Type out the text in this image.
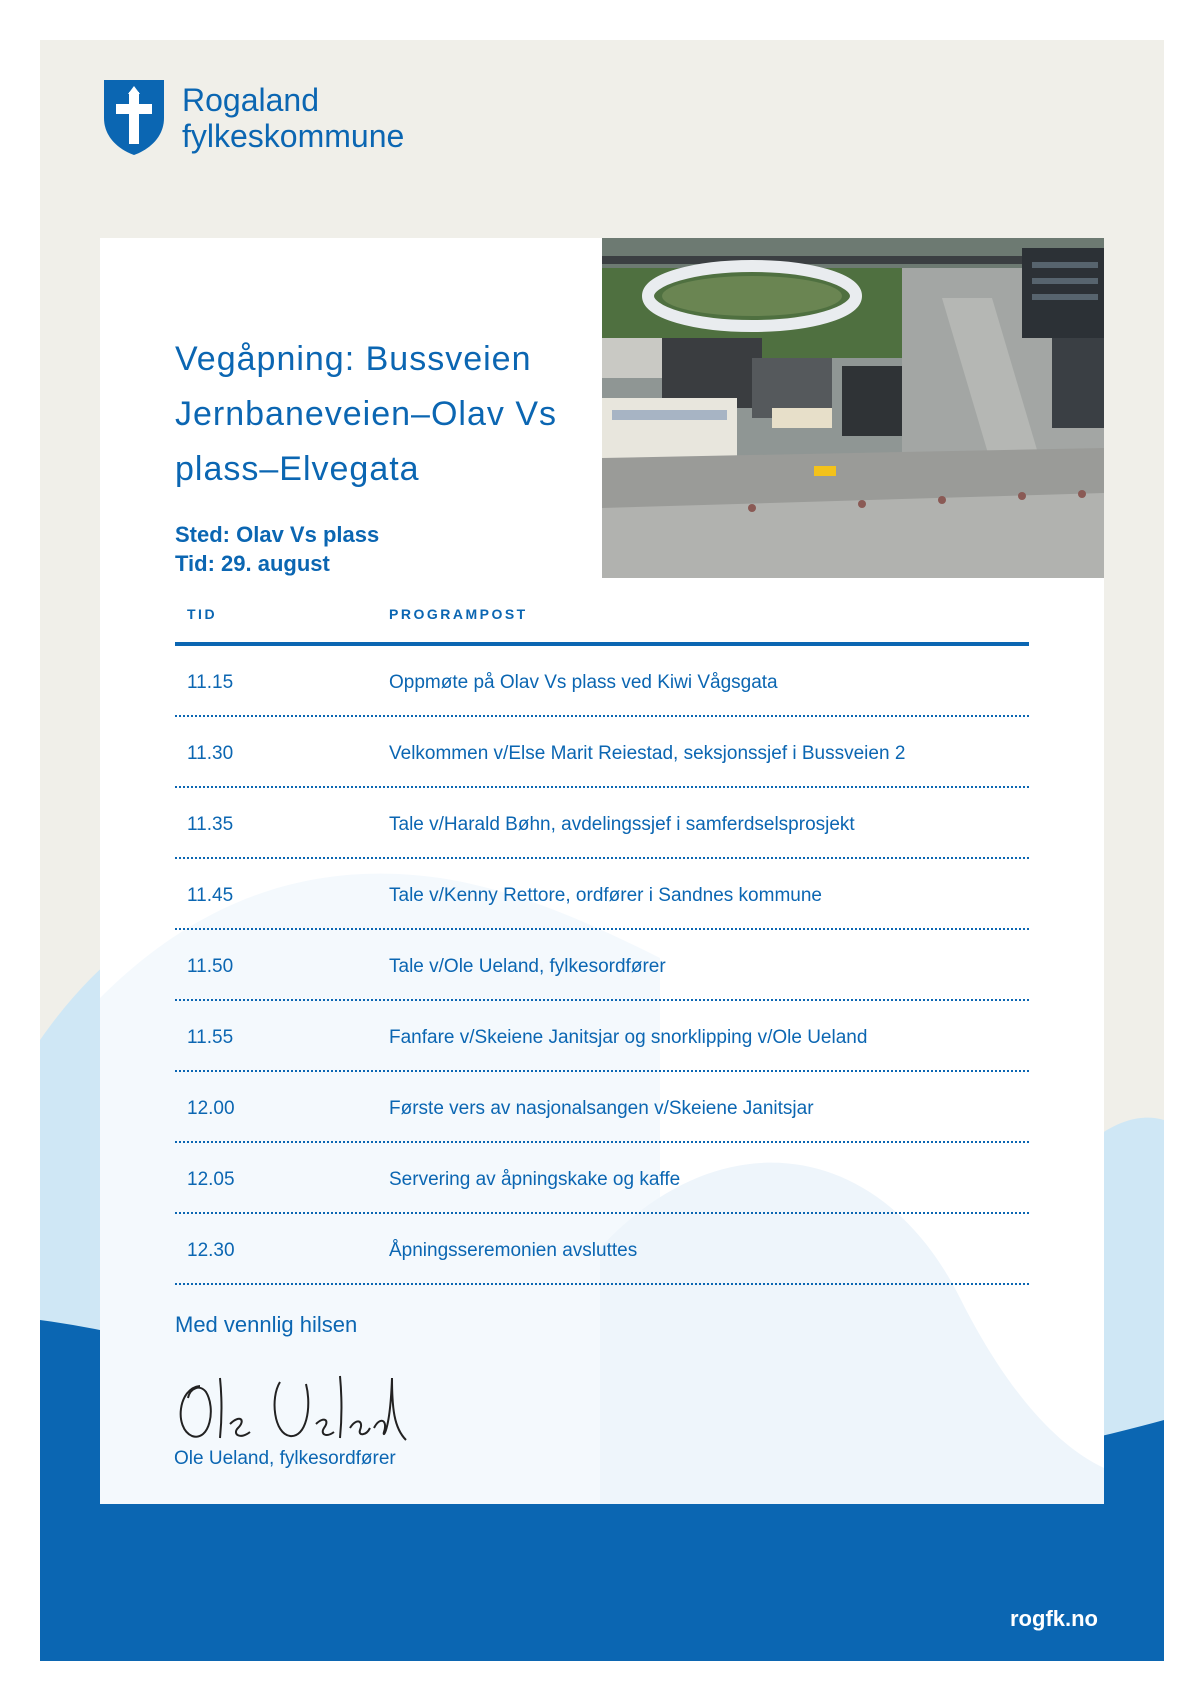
Rogaland
fylkeskommune
Vegåpning: Bussveien Jernbaneveien–Olav Vs plass–Elvegata
Sted: Olav Vs plass
Tid: 29. august
TID	PROGRAMPOST
11.15	Oppmøte på Olav Vs plass ved Kiwi Vågsgata
11.30	Velkommen v/Else Marit Reiestad, seksjonssjef i Bussveien 2
11.35	Tale v/Harald Bøhn, avdelingssjef i samferdselsprosjekt
11.45	Tale v/Kenny Rettore, ordfører i Sandnes kommune
11.50	Tale v/Ole Ueland, fylkesordfører
11.55	Fanfare v/Skeiene Janitsjar og snorklipping v/Ole Ueland
12.00	Første vers av nasjonalsangen v/Skeiene Janitsjar
12.05	Servering av åpningskake og kaffe
12.30	Åpningsseremonien avsluttes
Med vennlig hilsen
Ole Ueland, fylkesordfører
rogfk.no
